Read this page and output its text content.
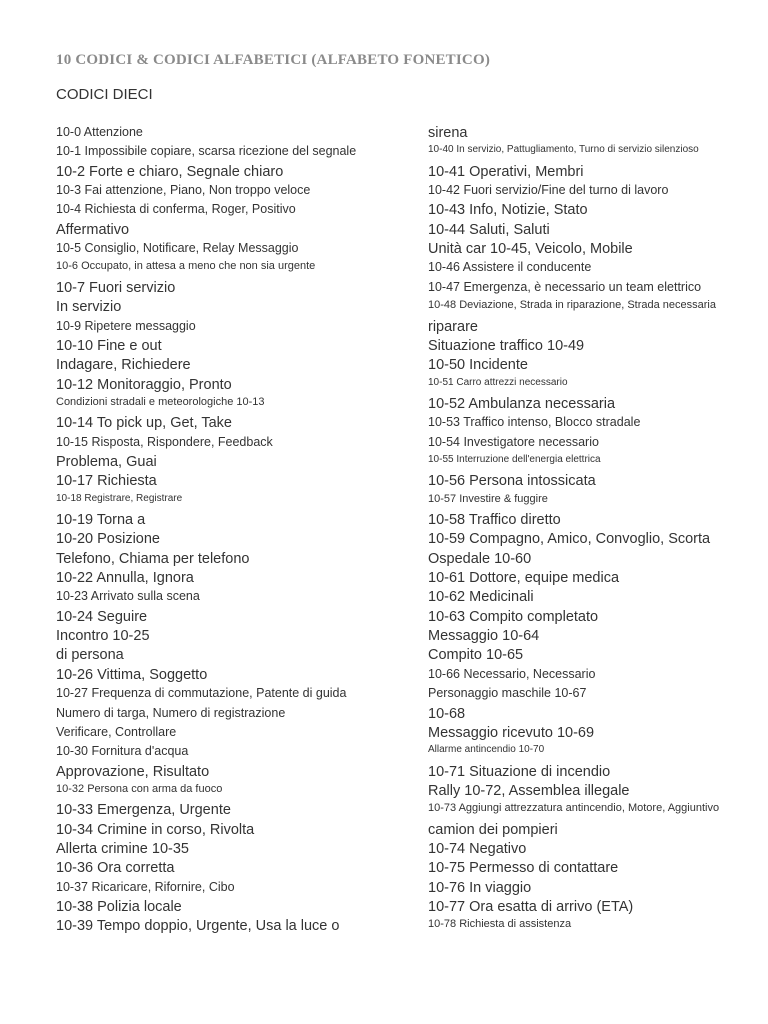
10 CODICI & CODICI ALFABETICI (ALFABETO FONETICO)
CODICI DIECI
10-0 Attenzione
10-1 Impossibile copiare, scarsa ricezione del segnale
10-2 Forte e chiaro, Segnale chiaro
10-3 Fai attenzione, Piano, Non troppo veloce
10-4 Richiesta di conferma, Roger, Positivo
Affermativo
10-5 Consiglio, Notificare, Relay Messaggio
10-6 Occupato, in attesa a meno che non sia urgente
10-7 Fuori servizio
In servizio
10-9 Ripetere messaggio
10-10 Fine e out
Indagare, Richiedere
10-12 Monitoraggio, Pronto
Condizioni stradali e meteorologiche 10-13
10-14 To pick up, Get, Take
10-15 Risposta, Rispondere, Feedback
Problema, Guai
10-17 Richiesta
10-18 Registrare, Registrare
10-19 Torna a
10-20 Posizione
Telefono, Chiama per telefono
10-22 Annulla, Ignora
10-23 Arrivato sulla scena
10-24 Seguire
Incontro 10-25
di persona
10-26 Vittima, Soggetto
10-27 Frequenza di commutazione, Patente di guida
Numero di targa, Numero di registrazione
Verificare, Controllare
10-30 Fornitura d'acqua
Approvazione, Risultato
10-32 Persona con arma da fuoco
10-33 Emergenza, Urgente
10-34 Crimine in corso, Rivolta
Allerta crimine 10-35
10-36 Ora corretta
10-37 Ricaricare, Rifornire, Cibo
10-38 Polizia locale
10-39 Tempo doppio, Urgente, Usa la luce o
sirena
10-40 In servizio, Pattugliamento, Turno di servizio silenzioso
10-41 Operativi, Membri
10-42 Fuori servizio/Fine del turno di lavoro
10-43 Info, Notizie, Stato
10-44 Saluti, Saluti
Unità car 10-45, Veicolo, Mobile
10-46 Assistere il conducente
10-47 Emergenza, è necessario un team elettrico
10-48 Deviazione, Strada in riparazione, Strada necessaria
riparare
Situazione traffico 10-49
10-50 Incidente
10-51 Carro attrezzi necessario
10-52 Ambulanza necessaria
10-53 Traffico intenso, Blocco stradale
10-54 Investigatore necessario
10-55 Interruzione dell'energia elettrica
10-56 Persona intossicata
10-57 Investire & fuggire
10-58 Traffico diretto
10-59 Compagno, Amico, Convoglio, Scorta
Ospedale 10-60
10-61 Dottore, equipe medica
10-62 Medicinali
10-63 Compito completato
Messaggio 10-64
Compito 10-65
10-66 Necessario, Necessario
Personaggio maschile 10-67
10-68
Messaggio ricevuto 10-69
Allarme antincendio 10-70
10-71 Situazione di incendio
Rally 10-72, Assemblea illegale
10-73 Aggiungi attrezzatura antincendio, Motore, Aggiuntivo
camion dei pompieri
10-74 Negativo
10-75 Permesso di contattare
10-76 In viaggio
10-77 Ora esatta di arrivo (ETA)
10-78 Richiesta di assistenza
